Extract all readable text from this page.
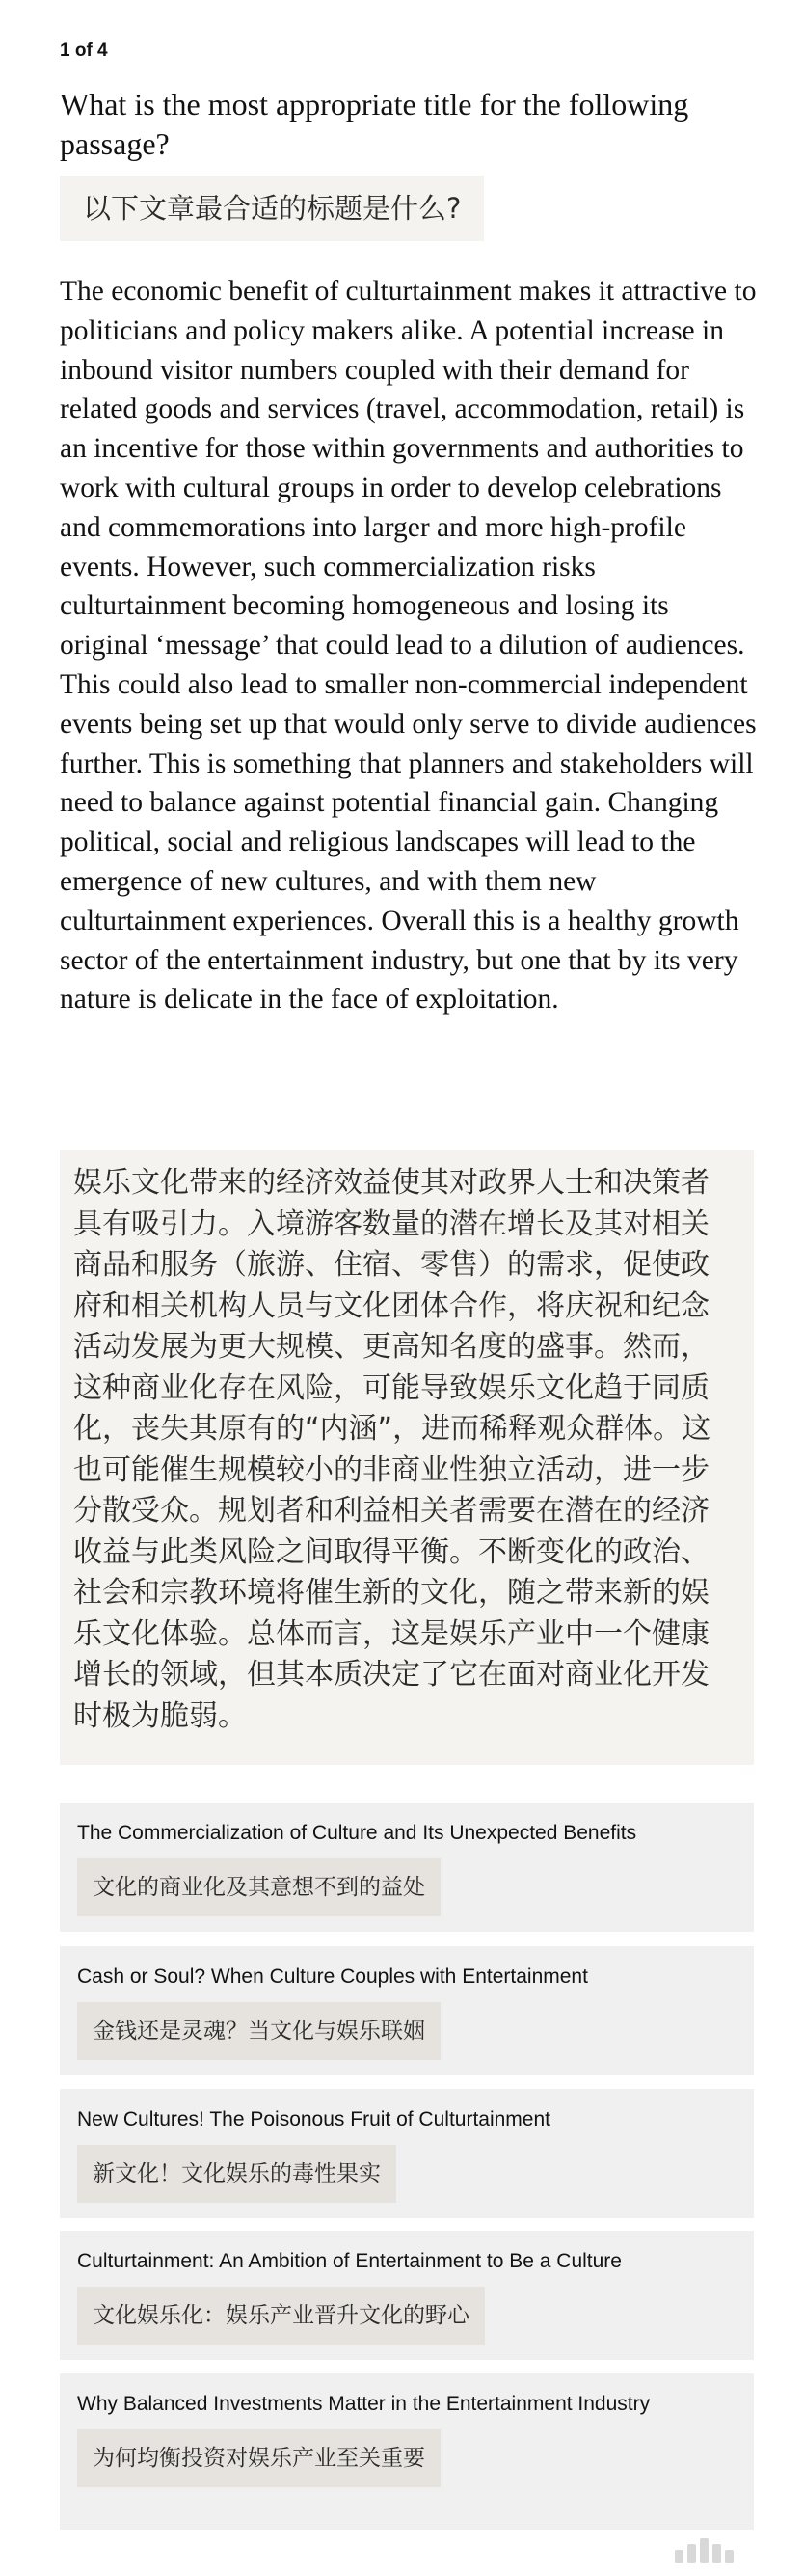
1 of 4
What is the most appropriate title for the following passage?
以下文章最合适的标题是什么?
The economic benefit of culturtainment makes it attractive to politicians and policy makers alike. A potential increase in inbound visitor numbers coupled with their demand for related goods and services (travel, accommodation, retail) is an incentive for those within governments and authorities to work with cultural groups in order to develop celebrations and commemorations into larger and more high-profile events. However, such commercialization risks culturtainment becoming homogeneous and losing its original ‘message’ that could lead to a dilution of audiences. This could also lead to smaller non-commercial independent events being set up that would only serve to divide audiences further. This is something that planners and stakeholders will need to balance against potential financial gain. Changing political, social and religious landscapes will lead to the emergence of new cultures, and with them new culturtainment experiences. Overall this is a healthy growth sector of the entertainment industry, but one that by its very nature is delicate in the face of exploitation.
娱乐文化带来的经济效益使其对政界人士和决策者具有吸引力。入境游客数量的潜在增长及其对相关商品和服务（旅游、住宿、零售）的需求，促使政府和相关机构人员与文化团体合作，将庆祝和纪念活动发展为更大规模、更高知名度的盛事。然而，这种商业化存在风险，可能导致娱乐文化趋于同质化，丧失其原有的“内涵”，进而稀释观众群体。这也可能催生规模较小的非商业性独立活动，进一步分散受众。规划者和利益相关者需要在潜在的经济收益与此类风险之间取得平衡。不断变化的政治、社会和宗教环境将催生新的文化，随之带来新的娱乐文化体验。总体而言，这是娱乐产业中一个健康增长的领域，但其本质决定了它在面对商业化开发时极为脆弱。
The Commercialization of Culture and Its Unexpected Benefits
文化的商业化及其意想不到的益处
Cash or Soul? When Culture Couples with Entertainment
金钱还是灵魂？当文化与娱乐联姻
New Cultures! The Poisonous Fruit of Culturtainment
新文化！文化娱乐的毒性果实
Culturtainment: An Ambition of Entertainment to Be a Culture
文化娱乐化：娱乐产业晋升文化的野心
Why Balanced Investments Matter in the Entertainment Industry
为何均衡投资对娱乐产业至关重要
